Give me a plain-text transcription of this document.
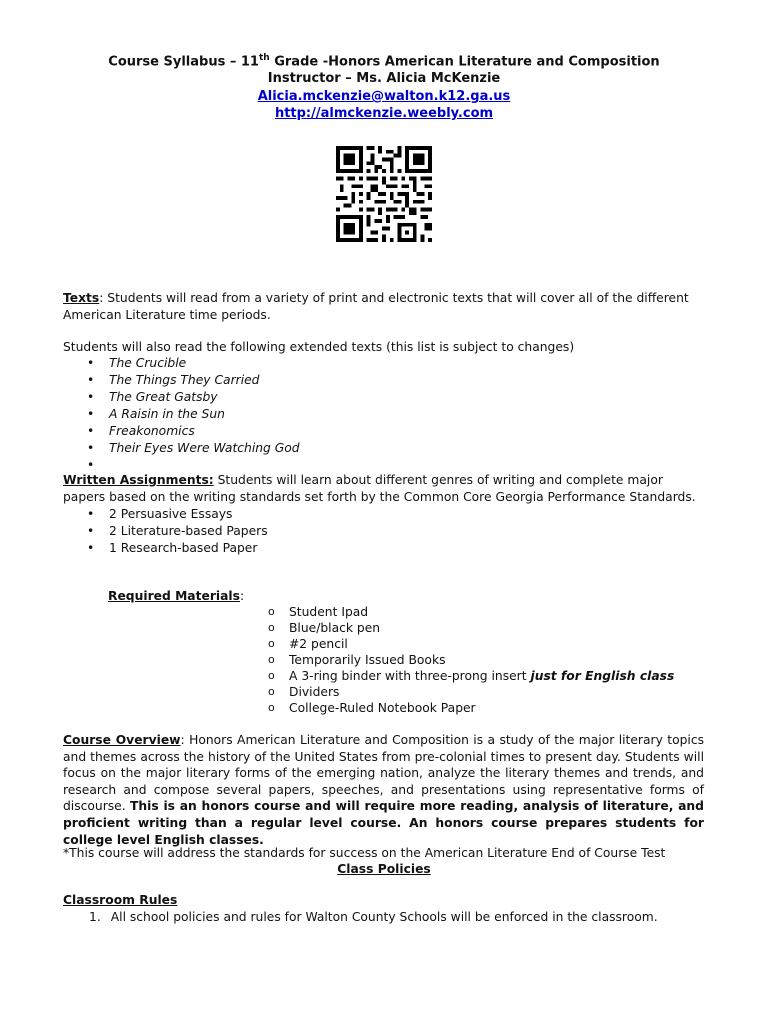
Course Syllabus – 11th Grade -Honors American Literature and Composition
Instructor – Ms. Alicia McKenzie
Alicia.mckenzie@walton.k12.ga.us
http://almckenzie.weebly.com
Texts: Students will read from a variety of print and electronic texts that will cover all of the different American Literature time periods.
Students will also read the following extended texts (this list is subject to changes)
• The Crucible
• The Things They Carried
• The Great Gatsby
• A Raisin in the Sun
• Freakonomics
• Their Eyes Were Watching God
•
Written Assignments: Students will learn about different genres of writing and complete major papers based on the writing standards set forth by the Common Core Georgia Performance Standards.
• 2 Persuasive Essays
• 2 Literature-based Papers
• 1 Research-based Paper
Required Materials:
o Student Ipad
o Blue/black pen
o #2 pencil
o Temporarily Issued Books
o A 3-ring binder with three-prong insert just for English class
o Dividers
o College-Ruled Notebook Paper
Course Overview: Honors American Literature and Composition is a study of the major literary topics and themes across the history of the United States from pre-colonial times to present day. Students will focus on the major literary forms of the emerging nation, analyze the literary themes and trends, and research and compose several papers, speeches, and presentations using representative forms of discourse. This is an honors course and will require more reading, analysis of literature, and proficient writing than a regular level course. An honors course prepares students for college level English classes.
*This course will address the standards for success on the American Literature End of Course Test
Class Policies
Classroom Rules
1. All school policies and rules for Walton County Schools will be enforced in the classroom.
